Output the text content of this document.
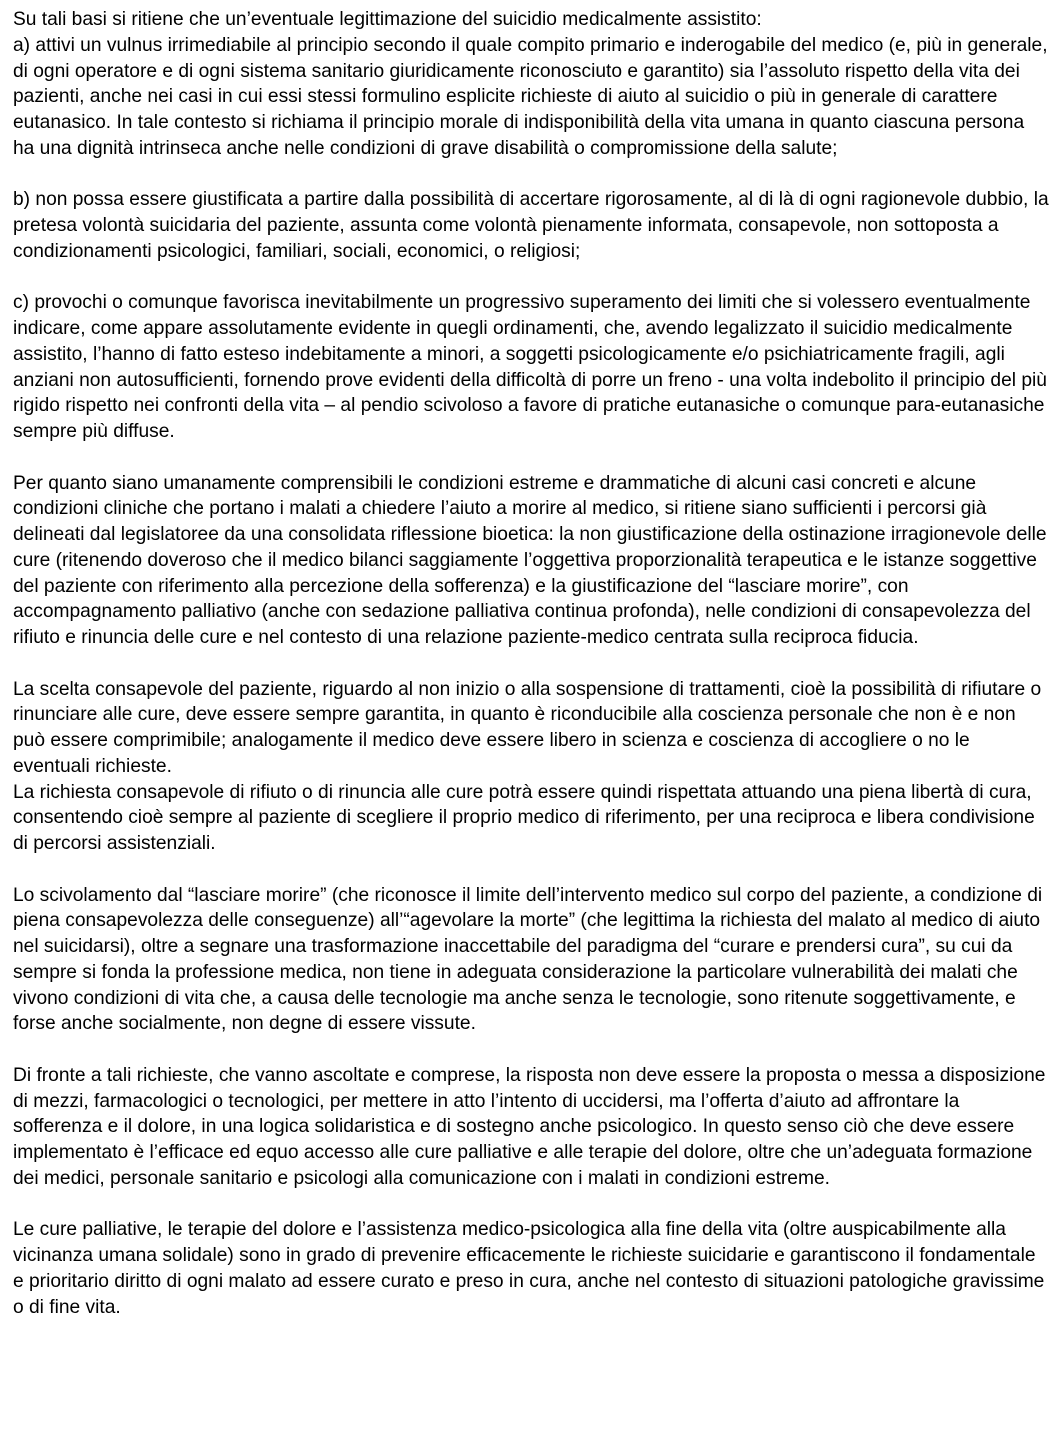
Su tali basi si ritiene che un’eventuale legittimazione del suicidio medicalmente assistito:
a) attivi un vulnus irrimediabile al principio secondo il quale compito primario e inderogabile del medico (e, più in generale, di ogni operatore e di ogni sistema sanitario giuridicamente riconosciuto e garantito) sia l’assoluto rispetto della vita dei pazienti, anche nei casi in cui essi stessi formulino esplicite richieste di aiuto al suicidio o più in generale di carattere eutanasico. In tale contesto si richiama il principio morale di indisponibilità della vita umana in quanto ciascuna persona ha una dignità intrinseca anche nelle condizioni di grave disabilità o compromissione della salute;

b) non possa essere giustificata a partire dalla possibilità di accertare rigorosamente, al di là di ogni ragionevole dubbio, la pretesa volontà suicidaria del paziente, assunta come volontà pienamente informata, consapevole, non sottoposta a condizionamenti psicologici, familiari, sociali, economici, o religiosi;

c) provochi o comunque favorisca inevitabilmente un progressivo superamento dei limiti che si volessero eventualmente indicare, come appare assolutamente evidente in quegli ordinamenti, che, avendo legalizzato il suicidio medicalmente assistito, l’hanno di fatto esteso indebitamente a minori, a soggetti psicologicamente e/o psichiatricamente fragili, agli anziani non autosufficienti, fornendo prove evidenti della difficoltà di porre un freno - una volta indebolito il principio del più rigido rispetto nei confronti della vita – al pendio scivoloso a favore di pratiche eutanasiche o comunque para-eutanasiche sempre più diffuse.

Per quanto siano umanamente comprensibili le condizioni estreme e drammatiche di alcuni casi concreti e alcune condizioni cliniche che portano i malati a chiedere l’aiuto a morire al medico, si ritiene siano sufficienti i percorsi già delineati dal legislatoree da una consolidata riflessione bioetica: la non giustificazione della ostinazione irragionevole delle cure (ritenendo doveroso che il medico bilanci saggiamente l’oggettiva proporzionalità terapeutica e le istanze soggettive del paziente con riferimento alla percezione della sofferenza) e la giustificazione del “lasciare morire”, con accompagnamento palliativo (anche con sedazione palliativa continua profonda), nelle condizioni di consapevolezza del rifiuto e rinuncia delle cure e nel contesto di una relazione paziente-medico centrata sulla reciproca fiducia.

La scelta consapevole del paziente, riguardo al non inizio o alla sospensione di trattamenti, cioè la possibilità di rifiutare o rinunciare alle cure, deve essere sempre garantita, in quanto è riconducibile alla coscienza personale che non è e non può essere comprimibile; analogamente il medico deve essere libero in scienza e coscienza di accogliere o no le eventuali richieste.
La richiesta consapevole di rifiuto o di rinuncia alle cure potrà essere quindi rispettata attuando una piena libertà di cura, consentendo cioè sempre al paziente di scegliere il proprio medico di riferimento, per una reciproca e libera condivisione di percorsi assistenziali.

Lo scivolamento dal “lasciare morire” (che riconosce il limite dell’intervento medico sul corpo del paziente, a condizione di piena consapevolezza delle conseguenze) all’“agevolare la morte” (che legittima la richiesta del malato al medico di aiuto nel suicidarsi), oltre a segnare una trasformazione inaccettabile del paradigma del “curare e prendersi cura”, su cui da sempre si fonda la professione medica, non tiene in adeguata considerazione la particolare vulnerabilità dei malati che vivono condizioni di vita che, a causa delle tecnologie ma anche senza le tecnologie, sono ritenute soggettivamente, e forse anche socialmente, non degne di essere vissute.

Di fronte a tali richieste, che vanno ascoltate e comprese, la risposta non deve essere la proposta o messa a disposizione di mezzi, farmacologici o tecnologici, per mettere in atto l’intento di uccidersi, ma l’offerta d’aiuto ad affrontare la sofferenza e il dolore, in una logica solidaristica e di sostegno anche psicologico. In questo senso ciò che deve essere implementato è l’efficace ed equo accesso alle cure palliative e alle terapie del dolore, oltre che un’adeguata formazione dei medici, personale sanitario e psicologi alla comunicazione con i malati in condizioni estreme.

Le cure palliative, le terapie del dolore e l’assistenza medico-psicologica alla fine della vita (oltre auspicabilmente alla vicinanza umana solidale) sono in grado di prevenire efficacemente le richieste suicidarie e garantiscono il fondamentale e prioritario diritto di ogni malato ad essere curato e preso in cura, anche nel contesto di situazioni patologiche gravissime o di fine vita.
